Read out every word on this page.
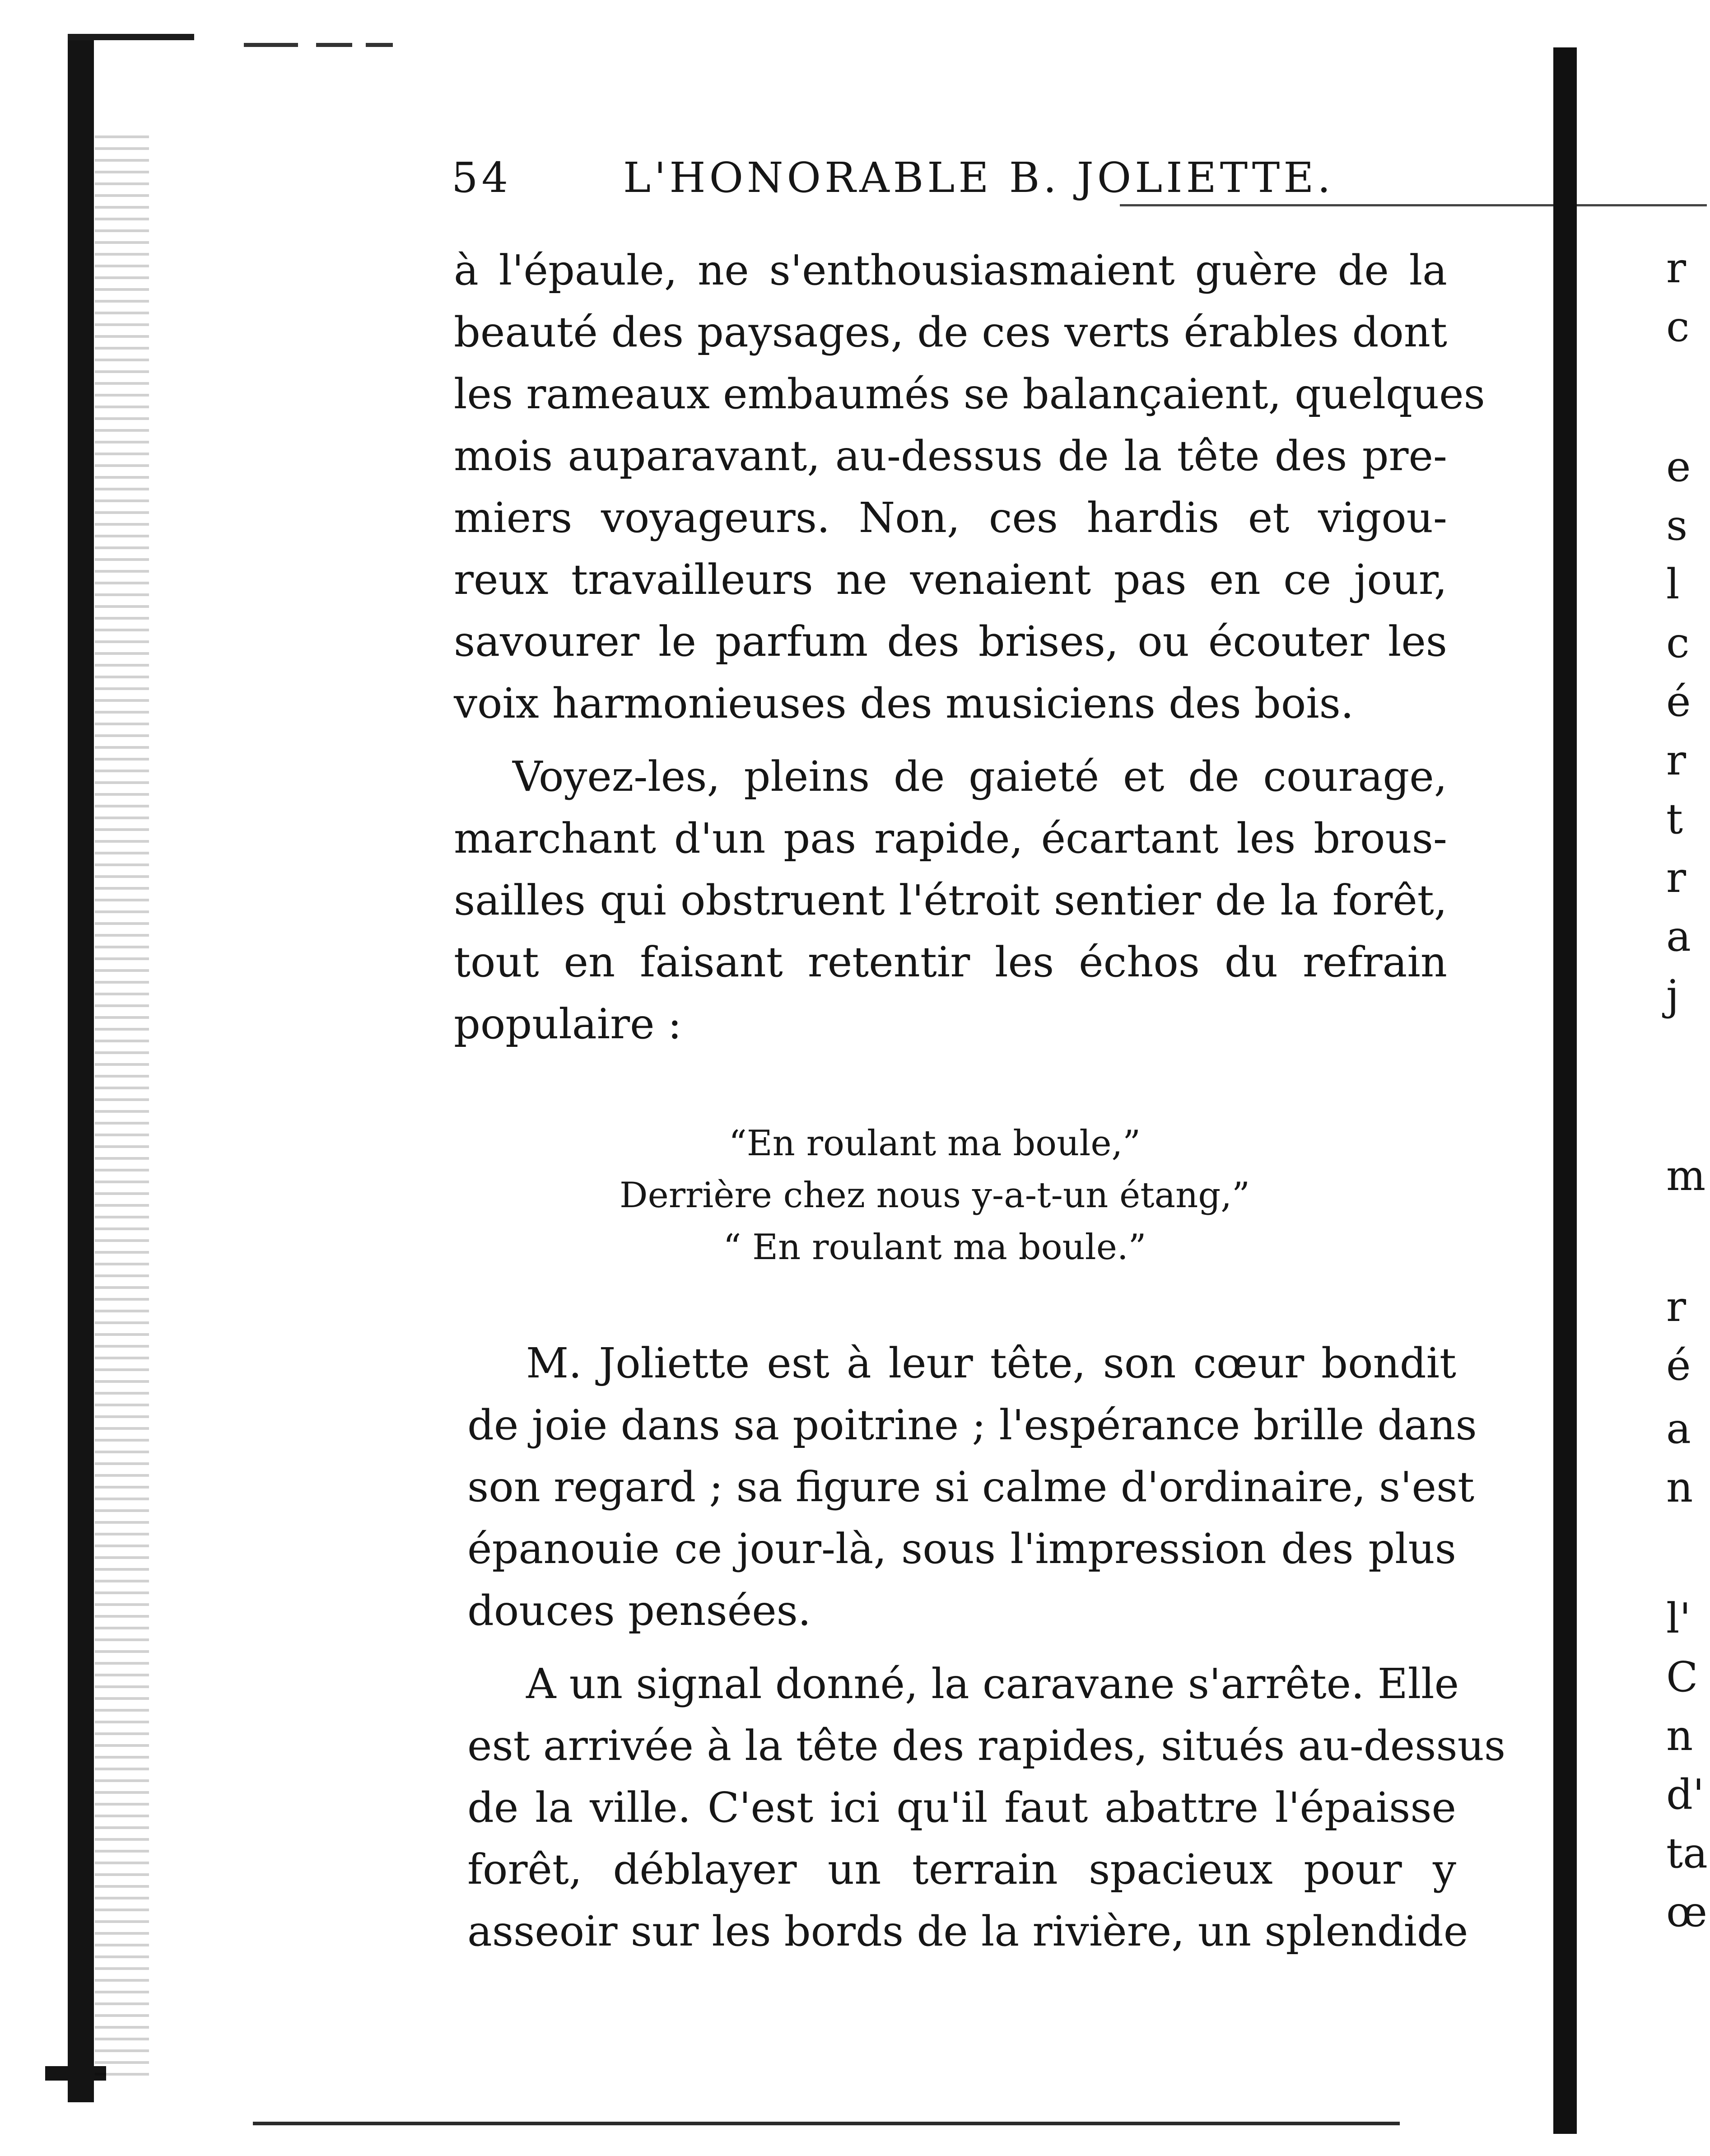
54	L'HONORABLE B. JOLIETTE.
à l'épaule, ne s'enthousiasmaient guère de la
beauté des paysages, de ces verts érables dont
les rameaux embaumés se balançaient, quelques
mois auparavant, au-dessus de la tête des pre-
miers voyageurs. Non, ces hardis et vigou-
reux travailleurs ne venaient pas en ce jour,
savourer le parfum des brises, ou écouter les
voix harmonieuses des musiciens des bois.
Voyez-les, pleins de gaieté et de courage,
marchant d'un pas rapide, écartant les brous-
sailles qui obstruent l'étroit sentier de la forêt,
tout en faisant retentir les échos du refrain
populaire :
“En roulant ma boule,”
Derrière chez nous y-a-t-un étang,”
“ En roulant ma boule.”
M. Joliette est à leur tête, son cœur bondit
de joie dans sa poitrine ; l'espérance brille dans
son regard ; sa figure si calme d'ordinaire, s'est
épanouie ce jour-là, sous l'impression des plus
douces pensées.
A un signal donné, la caravane s'arrête. Elle
est arrivée à la tête des rapides, situés au-dessus
de la ville. C'est ici qu'il faut abattre l'épaisse
forêt, déblayer un terrain spacieux pour y
asseoir sur les bords de la rivière, un splendide
r
c
e
s
l
c
é
r
t
r
a
j
m
r
é
a
n
l'
C
n
d'
ta
œ
